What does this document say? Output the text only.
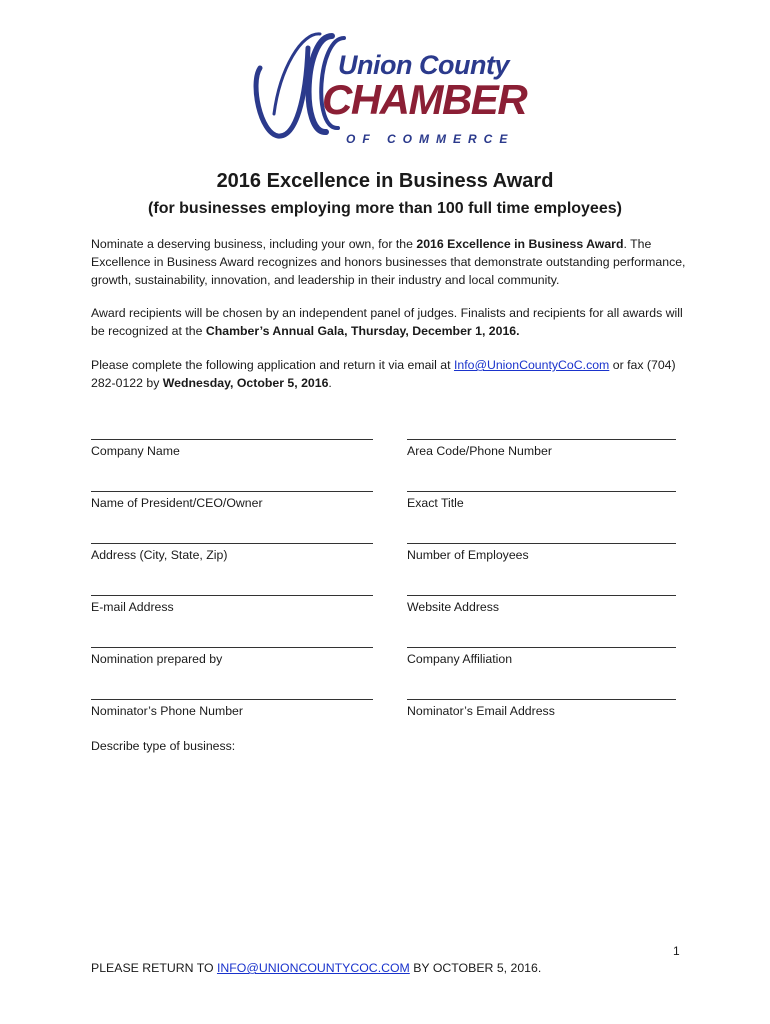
Union County
CHAMBER
OF COMMERCE
2016 Excellence in Business Award
(for businesses employing more than 100 full time employees)
Nominate a deserving business, including your own, for the 2016 Excellence in Business Award. The Excellence in Business Award recognizes and honors businesses that demonstrate outstanding performance, growth, sustainability, innovation, and leadership in their industry and local community.
Award recipients will be chosen by an independent panel of judges. Finalists and recipients for all awards will be recognized at the Chamber’s Annual Gala, Thursday, December 1, 2016.
Please complete the following application and return it via email at Info@UnionCountyCoC.com or fax (704) 282-0122 by Wednesday, October 5, 2016.
Company Name	Area Code/Phone Number
Name of President/CEO/Owner	Exact Title
Address (City, State, Zip)	Number of Employees
E-mail Address	Website Address
Nomination prepared by	Company Affiliation
Nominator’s Phone Number	Nominator’s Email Address
Describe type of business:
1
PLEASE RETURN TO INFO@UNIONCOUNTYCOC.COM BY OCTOBER 5, 2016.
